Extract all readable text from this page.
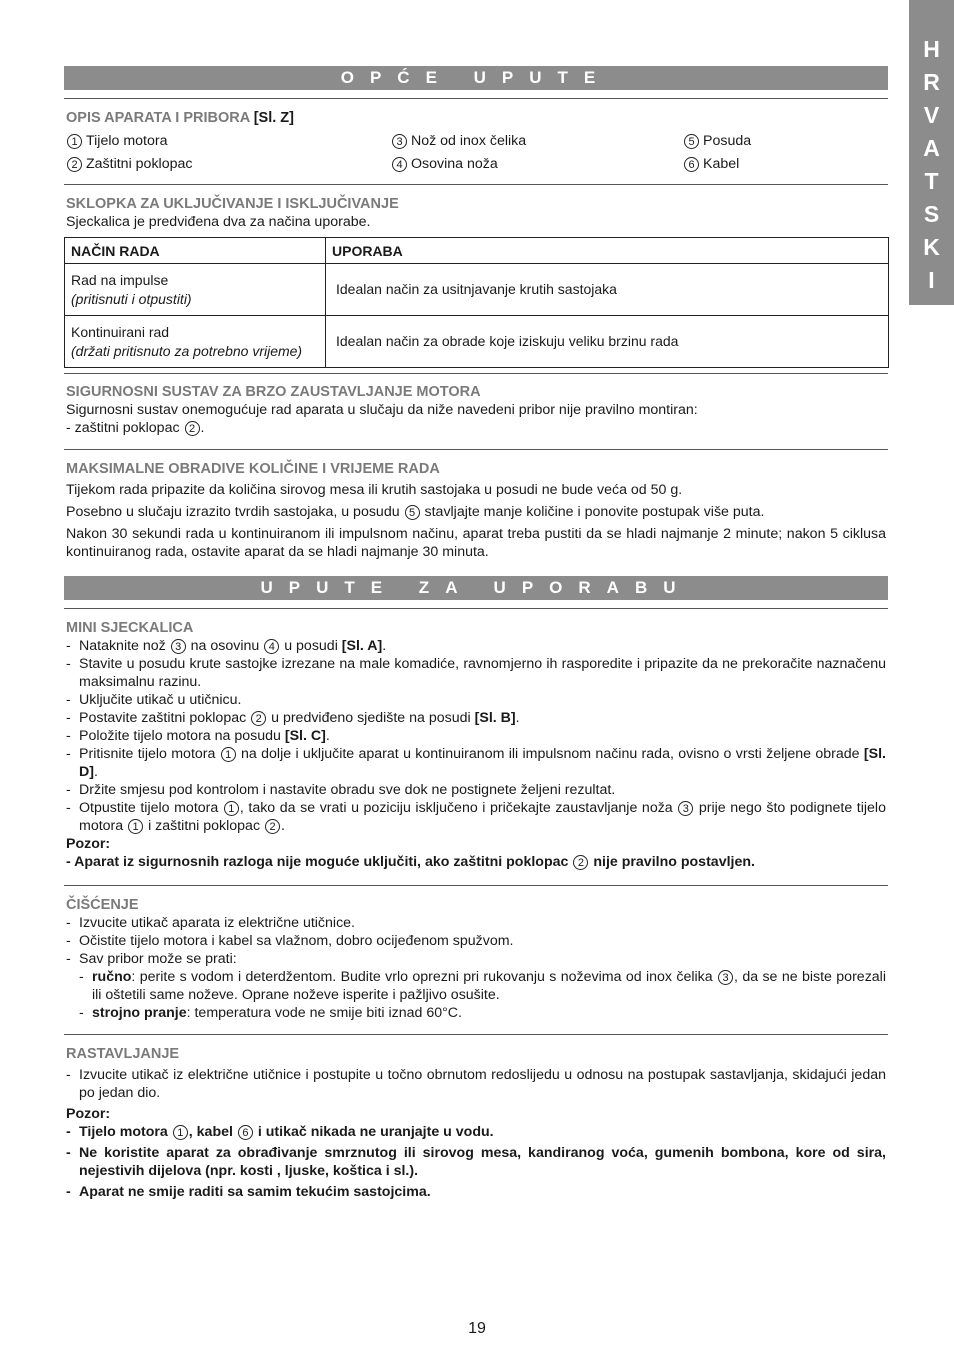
H
R
V
A
T
S
K
I
OPĆE UPUTE

OPIS APARATA I PRIBORA [Sl. Z]

1 Tijelo motora	3 Nož od inox čelika	5 Posuda
2 Zaštitni poklopac	4 Osovina noža	6 Kabel

SKLOPKA ZA UKLJUČIVANJE I ISKLJUČIVANJE

Sjeckalica je predviđena dva za načina uporabe.

NAČIN RADA	UPORABA

Rad na impulse
(pritisnuti i otpustiti)	Idealan način za usitnjavanje krutih sastojaka

Kontinuirani rad
(držati pritisnuto za potrebno vrijeme)	Idealan način za obrade koje iziskuju veliku brzinu rada

SIGURNOSNI SUSTAV ZA BRZO ZAUSTAVLJANJE MOTORA

Sigurnosni sustav onemogućuje rad aparata u slučaju da niže navedeni pribor nije pravilno montiran:

- zaštitni poklopac 2 .

MAKSIMALNE OBRADIVE KOLIČINE I VRIJEME RADA

Tijekom rada pripazite da količina sirovog mesa ili krutih sastojaka u posudi ne bude veća od 50 g.

Posebno u slučaju izrazito tvrdih sastojaka, u posudu 5 stavljajte manje količine i ponovite postupak više puta.

Nakon 30 sekundi rada u kontinuiranom ili impulsnom načinu, aparat treba pustiti da se hladi najmanje 2 minute; nakon 5 ciklusa kontinuiranog rada, ostavite aparat da se hladi najmanje 30 minuta.

UPUTE ZA UPORABU

MINI SJECKALICA

- Nataknite nož 3 na osovinu 4 u posudi [Sl. A].
- Stavite u posudu krute sastojke izrezane na male komadiće, ravnomjerno ih rasporedite i pripazite da ne prekoračite naznačenu maksimalnu razinu.
- Uključite utikač u utičnicu.
- Postavite zaštitni poklopac 2 u predviđeno sjedište na posudi [Sl. B].
- Položite tijelo motora na posudu [Sl. C].
- Pritisnite tijelo motora 1 na dolje i uključite aparat u kontinuiranom ili impulsnom načinu rada, ovisno o vrsti željene obrade [Sl. D].
- Držite smjesu pod kontrolom i nastavite obradu sve dok ne postignete željeni rezultat.
- Otpustite tijelo motora 1 , tako da se vrati u poziciju isključeno i pričekajte zaustavljanje noža 3 prije nego što podignete tijelo motora 1 i zaštitni poklopac 2 .

Pozor:

- Aparat iz sigurnosnih razloga nije moguće uključiti, ako zaštitni poklopac 2 nije pravilno postavljen.

ČIŠĆENJE

- Izvucite utikač aparata iz električne utičnice.
- Očistite tijelo motora i kabel sa vlažnom, dobro ocijeđenom spužvom.
- Sav pribor može se prati:
- ručno: perite s vodom i deterdžentom. Budite vrlo oprezni pri rukovanju s noževima od inox čelika 3 , da se ne biste porezali ili oštetili same noževe. Oprane noževe isperite i pažljivo osušite.
- strojno pranje: temperatura vode ne smije biti iznad 60°C.

RASTAVLJANJE

- Izvucite utikač iz električne utičnice i postupite u točno obrnutom redoslijedu u odnosu na postupak sastavljanja, skidajući jedan po jedan dio.

Pozor:

- Tijelo motora 1 , kabel 6 i utikač nikada ne uranjajte u vodu.
- Ne koristite aparat za obrađivanje smrznutog ili sirovog mesa, kandiranog voća, gumenih bombona, kore od sira, nejestivih dijelova (npr. kosti , ljuske, koštica i sl.).
- Aparat ne smije raditi sa samim tekućim sastojcima.
19
